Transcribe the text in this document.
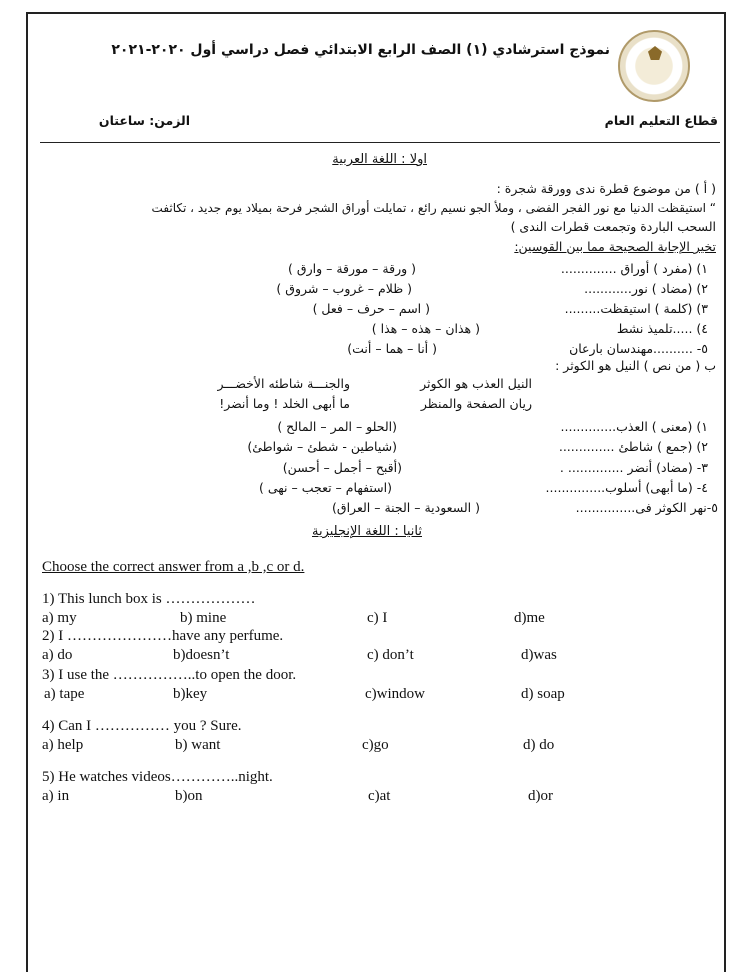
نموذج استرشادي (١) الصف الرابع الابتدائي فصل دراسي أول ٢٠٢٠-٢٠٢١
قطاع التعليم العام
الزمن: ساعتان
اولا : اللغة العربية
( أ ) من موضوع قطرة ندى وورقة شجرة :
“ استيقظت الدنيا مع نور الفجر الفضى ، وملأ الجو نسيم رائع ، تمايلت أوراق الشجر فرحة بميلاد يوم جديد ، تكاثفت
السحب الباردة وتجمعت قطرات الندى )
تخير الإجابة الصحيحة مما بين القوسين:
١) (مفرد ) أوراق ..............
( ورقة – مورقة – وارق )
٢) (مضاد ) نور............
( ظلام – غروب – شروق )
٣) (كلمة ) استيقظت.........
( اسم – حرف – فعل )
٤) .....تلميذ نشط
( هذان – هذه – هذا )
٥- ..........مهندسان بارعان
( أنا – هما – أنت)
ب ( من نص ) النيل هو الكوثر :
النيل العذب هو الكوثر
والجنـــة شاطئه الأخضـــر
ريان الصفحة والمنظر
ما أبهى الخلد ! وما أنضر!
١) (معنى ) العذب..............
(الحلو – المر – المالح )
٢) (جمع ) شاطئ ..............
(شياطين - شطئ – شواطئ)
٣- (مضاد) أنضر .............. .
(أقبح – أجمل – أحسن)
٤- (ما أبهى) أسلوب...............
(استفهام – تعجب – نهى )
٥-نهر الكوثر فى...............
( السعودية – الجنة – العراق)
ثانيا : اللغة الإنجليزية
Choose the correct answer from a ,b ,c or d.
1) This lunch box is ………………
a) my	b) mine	c) I	d)me
2) I …………………have any perfume.
a) do	b)doesn’t	c) don’t	d)was
3) I use the ……………..to open the door.
a) tape	b)key	c)window	d) soap
4) Can I …………… you ? Sure.
a) help	b) want	c)go	d) do
5) He watches videos…………..night.
a) in	b)on	c)at	d)or
